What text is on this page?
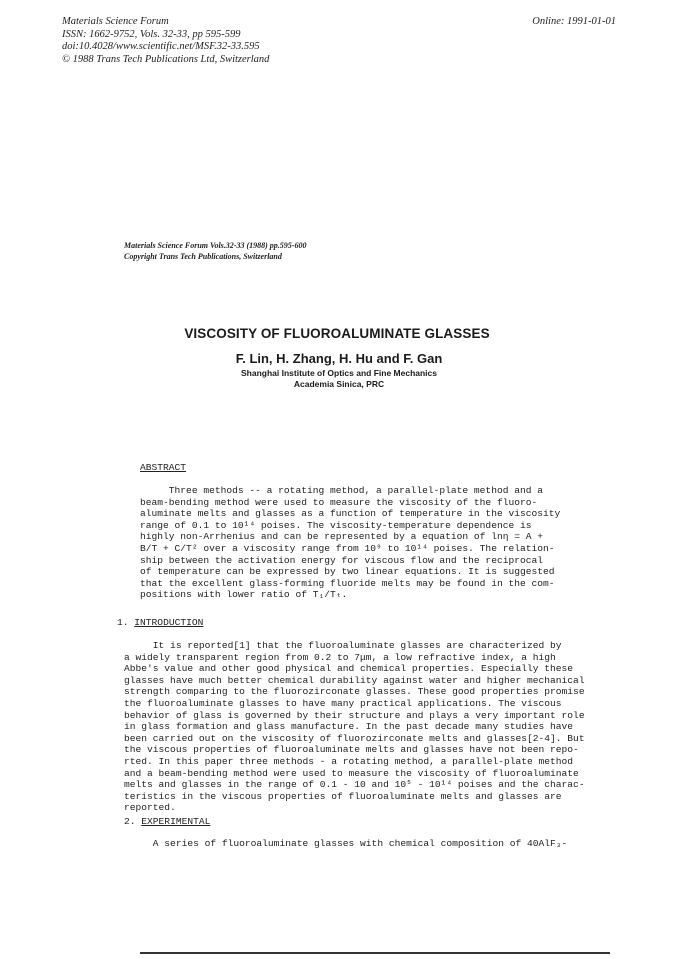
Materials Science Forum
ISSN: 1662-9752, Vols. 32-33, pp 595-599
doi:10.4028/www.scientific.net/MSF.32-33.595
© 1988 Trans Tech Publications Ltd, Switzerland
Online: 1991-01-01
Materials Science Forum Vols.32-33 (1988) pp.595-600
Copyright Trans Tech Publications, Switzerland
VISCOSITY OF FLUOROALUMINATE GLASSES
F. Lin, H. Zhang, H. Hu and F. Gan
Shanghai Institute of Optics and Fine Mechanics
Academia Sinica, PRC
ABSTRACT
Three methods -- a rotating method, a parallel-plate method and a
beam-bending method were used to measure the viscosity of the fluoro-
aluminate melts and glasses as a function of temperature in the viscosity
range of 0.1 to 10¹⁴ poises. The viscosity-temperature dependence is
highly non-Arrhenius and can be represented by a equation of lnη = A +
B/T + C/T² over a viscosity range from 10⁹ to 10¹⁴ poises. The relation-
ship between the activation energy for viscous flow and the reciprocal
of temperature can be expressed by two linear equations. It is suggested
that the excellent glass-forming fluoride melts may be found in the com-
positions with lower ratio of T₁/Tₜ.
1. INTRODUCTION
It is reported[1] that the fluoroaluminate glasses are characterized by
a widely transparent region from 0.2 to 7μm, a low refractive index, a high
Abbe's value and other good physical and chemical properties. Especially these
glasses have much better chemical durability against water and higher mechanical
strength comparing to the fluorozirconate glasses. These good properties promise
the fluoroaluminate glasses to have many practical applications. The viscous
behavior of glass is governed by their structure and plays a very important role
in glass formation and glass manufacture. In the past decade many studies have
been carried out on the viscosity of fluorozirconate melts and glasses[2-4]. But
the viscous properties of fluoroaluminate melts and glasses have not been repo-
rted. In this paper three methods - a rotating method, a parallel-plate method
and a beam-bending method were used to measure the viscosity of fluoroaluminate
melts and glasses in the range of 0.1 - 10 and 10⁵ - 10¹⁴ poises and the charac-
teristics in the viscous properties of fluoroaluminate melts and glasses are
reported.
2. EXPERIMENTAL
A series of fluoroaluminate glasses with chemical composition of 40AlF₃-
